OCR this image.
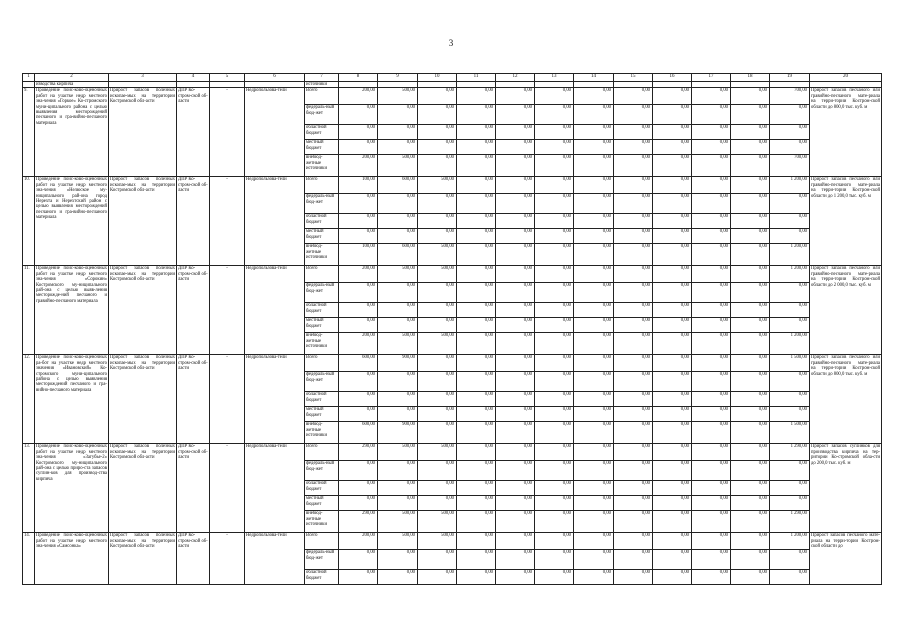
3
1	2	3	4	5	6	7	8	9	10	11	12	13	14	15	16	17	18	19	20
	изводства кирпича					источники													
9.	Проведение поис-ково-оценочных работ на участке недр местного зна-чения «Горкое» Ко-стромского муни-ципального района с целью выявления месторождений песчаного и гра-вийно-песчаного материала	Прирост запасов полезных ископае-мых на территории Костромской обл-асти	ДПР Ко-стром-ской об-ласти	-	Недропользова-тели	Всего	200,00	500,00	0,00	0,00	0,00	0,00	0,00	0,00	0,00	0,00	0,00	700,00	Прирост запасов песчаного или гравийно-песчаного мате-риала на терри-тории Костром-ской области до 800,0 тыс. куб. м
						федераль-ный бюд-жет	0,00	0,00	0,00	0,00	0,00	0,00	0,00	0,00	0,00	0,00	0,00	0,00	
						областной бюджет	0,00	0,00	0,00	0,00	0,00	0,00	0,00	0,00	0,00	0,00	0,00	0,00	
						местный бюджет	0,00	0,00	0,00	0,00	0,00	0,00	0,00	0,00	0,00	0,00	0,00	0,00	
						внебюд-жетные источники	200,00	500,00	0,00	0,00	0,00	0,00	0,00	0,00	0,00	0,00	0,00	700,00	
10.	Проведение поис-ково-оценочных работ на участке недр местного зна-чения «Нелюское му-ниципального рай-она город Нерехта и Нерехтский район с целью выявления месторождений песчаного и гра-вийно-песчаного материала	Прирост запасов полезных ископае-мых на территории Костромской обл-асти	ДПР Ко-стром-ской об-ласти	-	Недропользова-тели	Всего	100,00	600,00	500,00	0,00	0,00	0,00	0,00	0,00	0,00	0,00	0,00	1 200,00	Прирост запасов песчаного или гравийно-песчаного мате-риала на терри-тории Костром-ской области до 1 200,0 тыс. куб. м
						федераль-ный бюд-жет	0,00	0,00	0,00	0,00	0,00	0,00	0,00	0,00	0,00	0,00	0,00	0,00	
						областной бюджет	0,00	0,00	0,00	0,00	0,00	0,00	0,00	0,00	0,00	0,00	0,00	0,00	
						местный бюджет	0,00	0,00	0,00	0,00	0,00	0,00	0,00	0,00	0,00	0,00	0,00	0,00	
						внебюд-жетные источники	100,00	600,00	500,00	0,00	0,00	0,00	0,00	0,00	0,00	0,00	0,00	1 200,00	
11.	Проведение поис-ково-оценочных работ на участке недр местного зна-чения «Сорокин» Костромского му-ниципального рай-она с целью выяв-ления месторожде-ний песчаного и гравийно-песчаного материала	Прирост запасов полезных ископае-мых на территории Костромской обл-асти	ДПР Ко-стром-ской об-ласти	-	Недропользова-тели	Всего	200,00	500,00	500,00	0,00	0,00	0,00	0,00	0,00	0,00	0,00	0,00	1 200,00	Прирост запасов песчаного или гравийно-песчаного мате-риала на терри-тории Костром-ской области до 2 000,0 тыс. куб. м
						федераль-ный бюд-жет	0,00	0,00	0,00	0,00	0,00	0,00	0,00	0,00	0,00	0,00	0,00	0,00	
						областной бюджет	0,00	0,00	0,00	0,00	0,00	0,00	0,00	0,00	0,00	0,00	0,00	0,00	
						местный бюджет	0,00	0,00	0,00	0,00	0,00	0,00	0,00	0,00	0,00	0,00	0,00	0,00	
						внебюд-жетные источники	200,00	500,00	500,00	0,00	0,00	0,00	0,00	0,00	0,00	0,00	0,00	1 200,00	
12.	Проведение поис-ково-оценочных ра-бот на участке недр местного значения «Ивановский» Ко-стромского муни-ципального района с целью выявления месторождений песчаного и гра-вийно-песчаного материала	Прирост запасов полезных ископае-мых на территории Костромской обл-асти	ДПР Ко-стром-ской об-ласти	-	Недропользова-тели	Всего	600,00	900,00	0,00	0,00	0,00	0,00	0,00	0,00	0,00	0,00	0,00	1 500,00	Прирост запасов песчаного или гравийно-песчаного мате-риала на терри-тории Костром-ской области до 800,0 тыс. куб. м
						федераль-ный бюд-жет	0,00	0,00	0,00	0,00	0,00	0,00	0,00	0,00	0,00	0,00	0,00	0,00	
						областной бюджет	0,00	0,00	0,00	0,00	0,00	0,00	0,00	0,00	0,00	0,00	0,00	0,00	
						местный бюджет	0,00	0,00	0,00	0,00	0,00	0,00	0,00	0,00	0,00	0,00	0,00	0,00	
						внебюд-жетные источники	600,00	900,00	0,00	0,00	0,00	0,00	0,00	0,00	0,00	0,00	0,00	1 500,00	
13.	Проведение поис-ково-оценочных работ на участке недр местного зна-чения «Загубье-2» Костромского му-ниципального рай-она с целью приро-ста запасов суглин-ков для производ-ства кирпича	Прирост запасов полезных ископае-мых на территории Костромской обл-асти	ДПР Ко-стром-ской об-ласти	-	Недропользова-тели	Всего	290,00	500,00	500,00	0,00	0,00	0,00	0,00	0,00	0,00	0,00	0,00	1 290,00	Прирост запасов суглинков для производства кирпича на тер-ритории Ко-стромской обла-сти до 200,0 тыс. куб. м
						федераль-ный бюд-жет	0,00	0,00	0,00	0,00	0,00	0,00	0,00	0,00	0,00	0,00	0,00	0,00	
						областной бюджет	0,00	0,00	0,00	0,00	0,00	0,00	0,00	0,00	0,00	0,00	0,00	0,00	
						местный бюджет	0,00	0,00	0,00	0,00	0,00	0,00	0,00	0,00	0,00	0,00	0,00	0,00	
						внебюд-жетные источники	290,00	500,00	500,00	0,00	0,00	0,00	0,00	0,00	0,00	0,00	0,00	1 290,00	
14.	Проведение поис-ково-оценочных работ на участке недр местного зна-чения «Самсонка»	Прирост запасов полезных ископае-мых на территории Костромской обл-асти	ДПР Ко-стром-ской об-ласти	-	Недропользова-тели	Всего	200,00	500,00	500,00	0,00	0,00	0,00	0,00	0,00	0,00	0,00	0,00	1 200,00	Прирост запасов песчаного мате-риала на терри-тории Костром-ской области до
						федераль-ный бюд-жет	0,00	0,00	0,00	0,00	0,00	0,00	0,00	0,00	0,00	0,00	0,00	0,00	
						областной бюджет	0,00	0,00	0,00	0,00	0,00	0,00	0,00	0,00	0,00	0,00	0,00	0,00	
